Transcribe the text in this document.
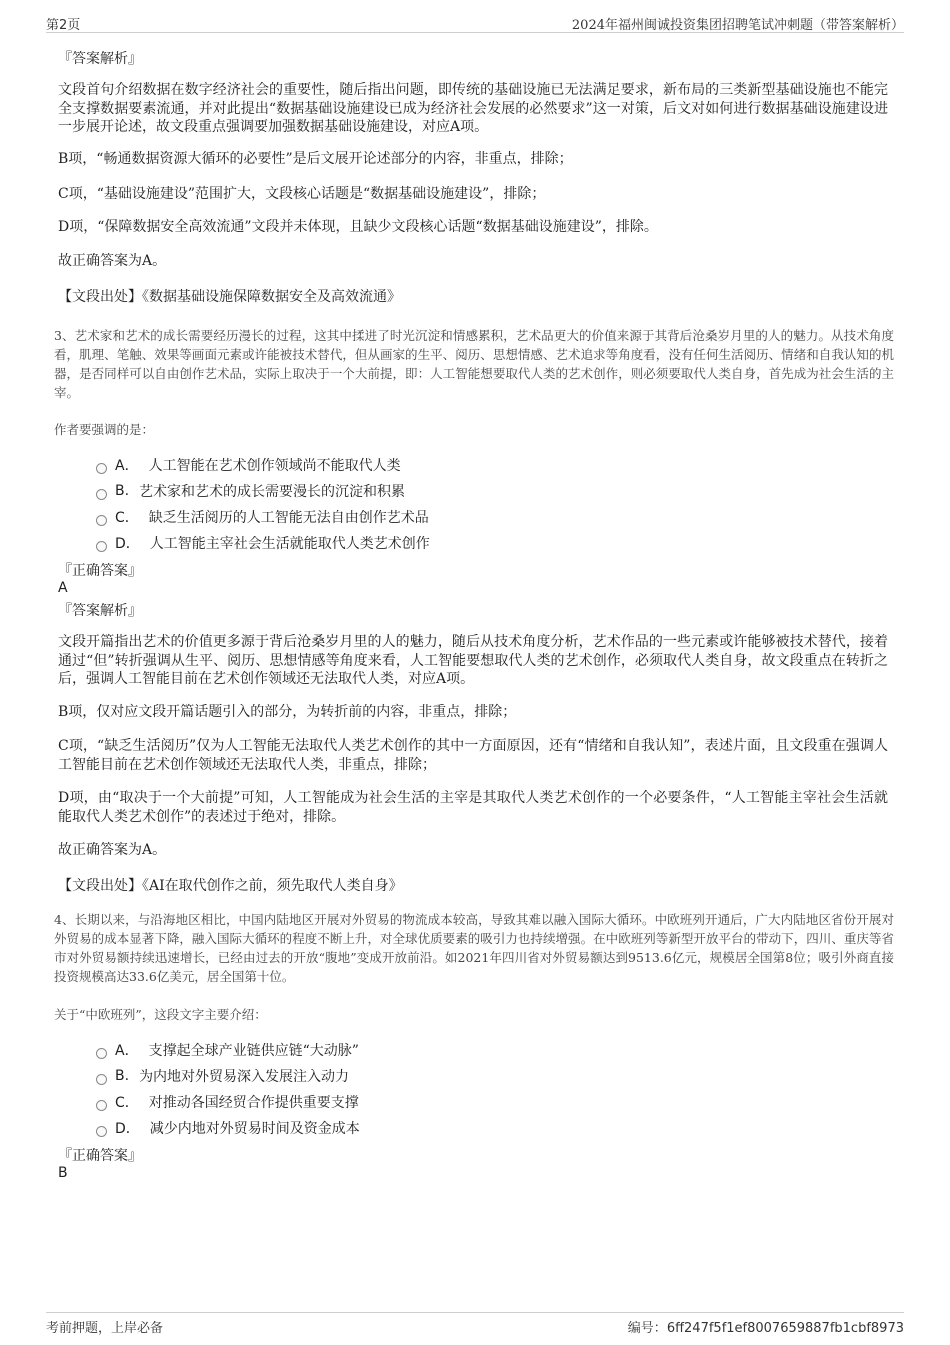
第2页	2024年福州闽诚投资集团招聘笔试冲刺题（带答案解析）

『答案解析』

文段首句介绍数据在数字经济社会的重要性，随后指出问题，即传统的基础设施已无法满足要求，新布局的三类新型基础设施也不能完全支撑数据要素流通，并对此提出“数据基础设施建设已成为经济社会发展的必然要求”这一对策，后文对如何进行数据基础设施建设进一步展开论述，故文段重点强调要加强数据基础设施建设，对应A项。

B项，“畅通数据资源大循环的必要性”是后文展开论述部分的内容，非重点，排除；

C项，“基础设施建设”范围扩大，文段核心话题是“数据基础设施建设”，排除；

D项，“保障数据安全高效流通”文段并未体现，且缺少文段核心话题“数据基础设施建设”，排除。

故正确答案为A。

【文段出处】《数据基础设施保障数据安全及高效流通》

3、艺术家和艺术的成长需要经历漫长的过程，这其中揉进了时光沉淀和情感累积，艺术品更大的价值来源于其背后沧桑岁月里的人的魅力。从技术角度看，肌理、笔触、效果等画面元素或许能被技术替代，但从画家的生平、阅历、思想情感、艺术追求等角度看，没有任何生活阅历、情绪和自我认知的机器，是否同样可以自由创作艺术品，实际上取决于一个大前提，即：人工智能想要取代人类的艺术创作，则必须要取代人类自身，首先成为社会生活的主宰。

作者要强调的是：

A． 人工智能在艺术创作领域尚不能取代人类
B. 艺术家和艺术的成长需要漫长的沉淀和积累
C． 缺乏生活阅历的人工智能无法自由创作艺术品
D． 人工智能主宰社会生活就能取代人类艺术创作

『正确答案』

A

『答案解析』

文段开篇指出艺术的价值更多源于背后沧桑岁月里的人的魅力，随后从技术角度分析，艺术作品的一些元素或许能够被技术替代，接着通过“但”转折强调从生平、阅历、思想情感等角度来看，人工智能要想取代人类的艺术创作，必须取代人类自身，故文段重点在转折之后，强调人工智能目前在艺术创作领域还无法取代人类，对应A项。

B项，仅对应文段开篇话题引入的部分，为转折前的内容，非重点，排除；

C项，“缺乏生活阅历”仅为人工智能无法取代人类艺术创作的其中一方面原因，还有“情绪和自我认知”，表述片面，且文段重在强调人工智能目前在艺术创作领域还无法取代人类，非重点，排除；

D项，由“取决于一个大前提”可知，人工智能成为社会生活的主宰是其取代人类艺术创作的一个必要条件，“人工智能主宰社会生活就能取代人类艺术创作”的表述过于绝对，排除。

故正确答案为A。

【文段出处】《AI在取代创作之前，须先取代人类自身》

4、长期以来，与沿海地区相比，中国内陆地区开展对外贸易的物流成本较高，导致其难以融入国际大循环。中欧班列开通后，广大内陆地区省份开展对外贸易的成本显著下降，融入国际大循环的程度不断上升，对全球优质要素的吸引力也持续增强。在中欧班列等新型开放平台的带动下，四川、重庆等省市对外贸易额持续迅速增长，已经由过去的开放“腹地”变成开放前沿。如2021年四川省对外贸易额达到9513.6亿元，规模居全国第8位；吸引外商直接投资规模高达33.6亿美元，居全国第十位。

关于“中欧班列”，这段文字主要介绍：

A． 支撑起全球产业链供应链“大动脉”
B. 为内地对外贸易深入发展注入动力
C． 对推动各国经贸合作提供重要支撑
D． 减少内地对外贸易时间及资金成本

『正确答案』

B

考前押题，上岸必备	编号：6ff247f5f1ef8007659887fb1cbf8973
